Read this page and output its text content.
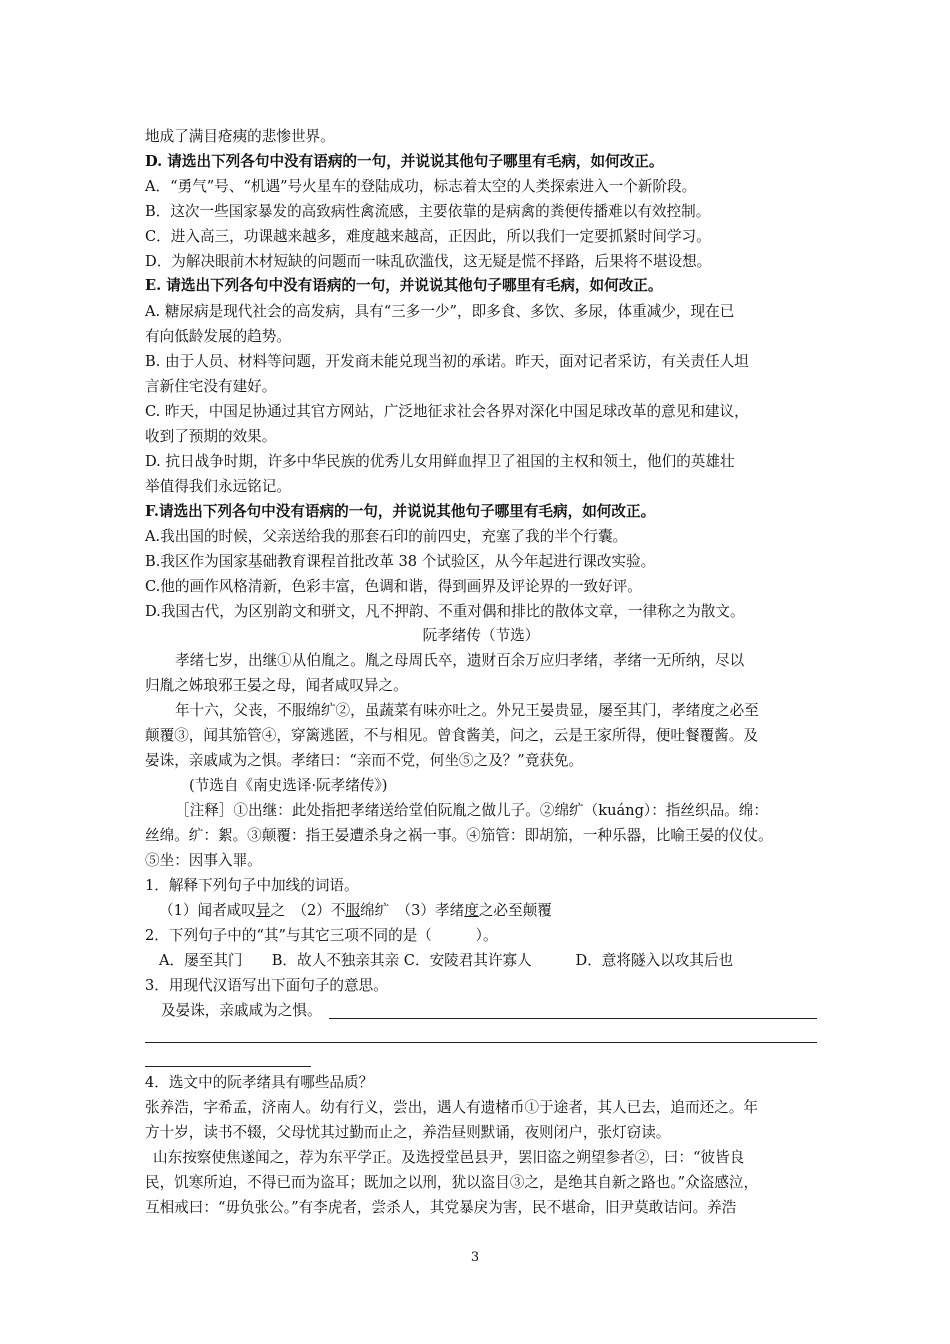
地成了满目疮痍的悲惨世界。
D. 请选出下列各句中没有语病的一句，并说说其他句子哪里有毛病，如何改正。
A．“勇气”号、“机遇”号火星车的登陆成功，标志着太空的人类探索进入一个新阶段。
B．这次一些国家暴发的高致病性禽流感，主要依靠的是病禽的粪便传播难以有效控制。
C．进入高三，功课越来越多，难度越来越高，正因此，所以我们一定要抓紧时间学习。
D．为解决眼前木材短缺的问题而一味乱砍滥伐，这无疑是慌不择路，后果将不堪设想。
E. 请选出下列各句中没有语病的一句，并说说其他句子哪里有毛病，如何改正。
A. 糖尿病是现代社会的高发病，具有“三多一少”，即多食、多饮、多尿，体重减少，现在已
有向低龄发展的趋势。
B. 由于人员、材料等问题，开发商未能兑现当初的承诺。昨天，面对记者采访，有关责任人坦
言新住宅没有建好。
C. 昨天，中国足协通过其官方网站，广泛地征求社会各界对深化中国足球改革的意见和建议，
收到了预期的效果。
D. 抗日战争时期，许多中华民族的优秀儿女用鲜血捍卫了祖国的主权和领土，他们的英雄壮
举值得我们永远铭记。
F.请选出下列各句中没有语病的一句，并说说其他句子哪里有毛病，如何改正。
A.我出国的时候，父亲送给我的那套石印的前四史，充塞了我的半个行囊。
B.我区作为国家基础教育课程首批改革 38 个试验区，从今年起进行课改实验。
C.他的画作风格清新，色彩丰富，色调和谐，得到画界及评论界的一致好评。
D.我国古代，为区别韵文和骈文，凡不押韵、不重对偶和排比的散体文章，一律称之为散文。
阮孝绪传（节选）
孝绪七岁，出继①从伯胤之。胤之母周氏卒，遗财百余万应归孝绪，孝绪一无所纳，尽以
归胤之姊琅邪王晏之母，闻者咸叹异之。
年十六，父丧，不服绵纩②，虽蔬菜有味亦吐之。外兄王晏贵显，屡至其门，孝绪度之必至
颠覆③，闻其笳管④，穿篱逃匿，不与相见。曾食酱美，问之，云是王家所得，便吐餐覆酱。及
晏诛，亲戚咸为之惧。孝绪曰：“亲而不党，何坐⑤之及？”竟获免。
(节选自《南史选译·阮孝绪传》)
［注释］①出继：此处指把孝绪送给堂伯阮胤之做儿子。②绵纩（kuáng）：指丝织品。绵：
丝绵。纩：絮。③颠覆：指王晏遭杀身之祸一事。④笳管：即胡笳，一种乐器，比喻王晏的仪仗。
⑤坐：因事入罪。
1．解释下列句子中加线的词语。
（1）闻者咸叹异之　（2）不服绵纩　（3）孝绪度之必至颠覆
2．下列句子中的“其”与其它三项不同的是（　　　）。
A．屡至其门　　B．故人不独亲其亲 C．安陵君其许寡人　　　D．意将隧入以攻其后也
3．用现代汉语写出下面句子的意思。
及晏诛，亲戚咸为之惧。
4．选文中的阮孝绪具有哪些品质？
张养浩，字希孟，济南人。幼有行义，尝出，遇人有遗楮币①于途者，其人已去，追而还之。年
方十岁，读书不辍，父母忧其过勤而止之，养浩昼则默诵，夜则闭户，张灯窃读。
山东按察使焦遂闻之，荐为东平学正。及选授堂邑县尹，罢旧盗之朔望参者②，曰：“彼皆良
民，饥寒所迫，不得已而为盗耳；既加之以刑，犹以盗目③之，是绝其自新之路也。”众盗感泣，
互相戒曰：“毋负张公。”有李虎者，尝杀人，其党暴戾为害，民不堪命，旧尹莫敢诘问。养浩
3
